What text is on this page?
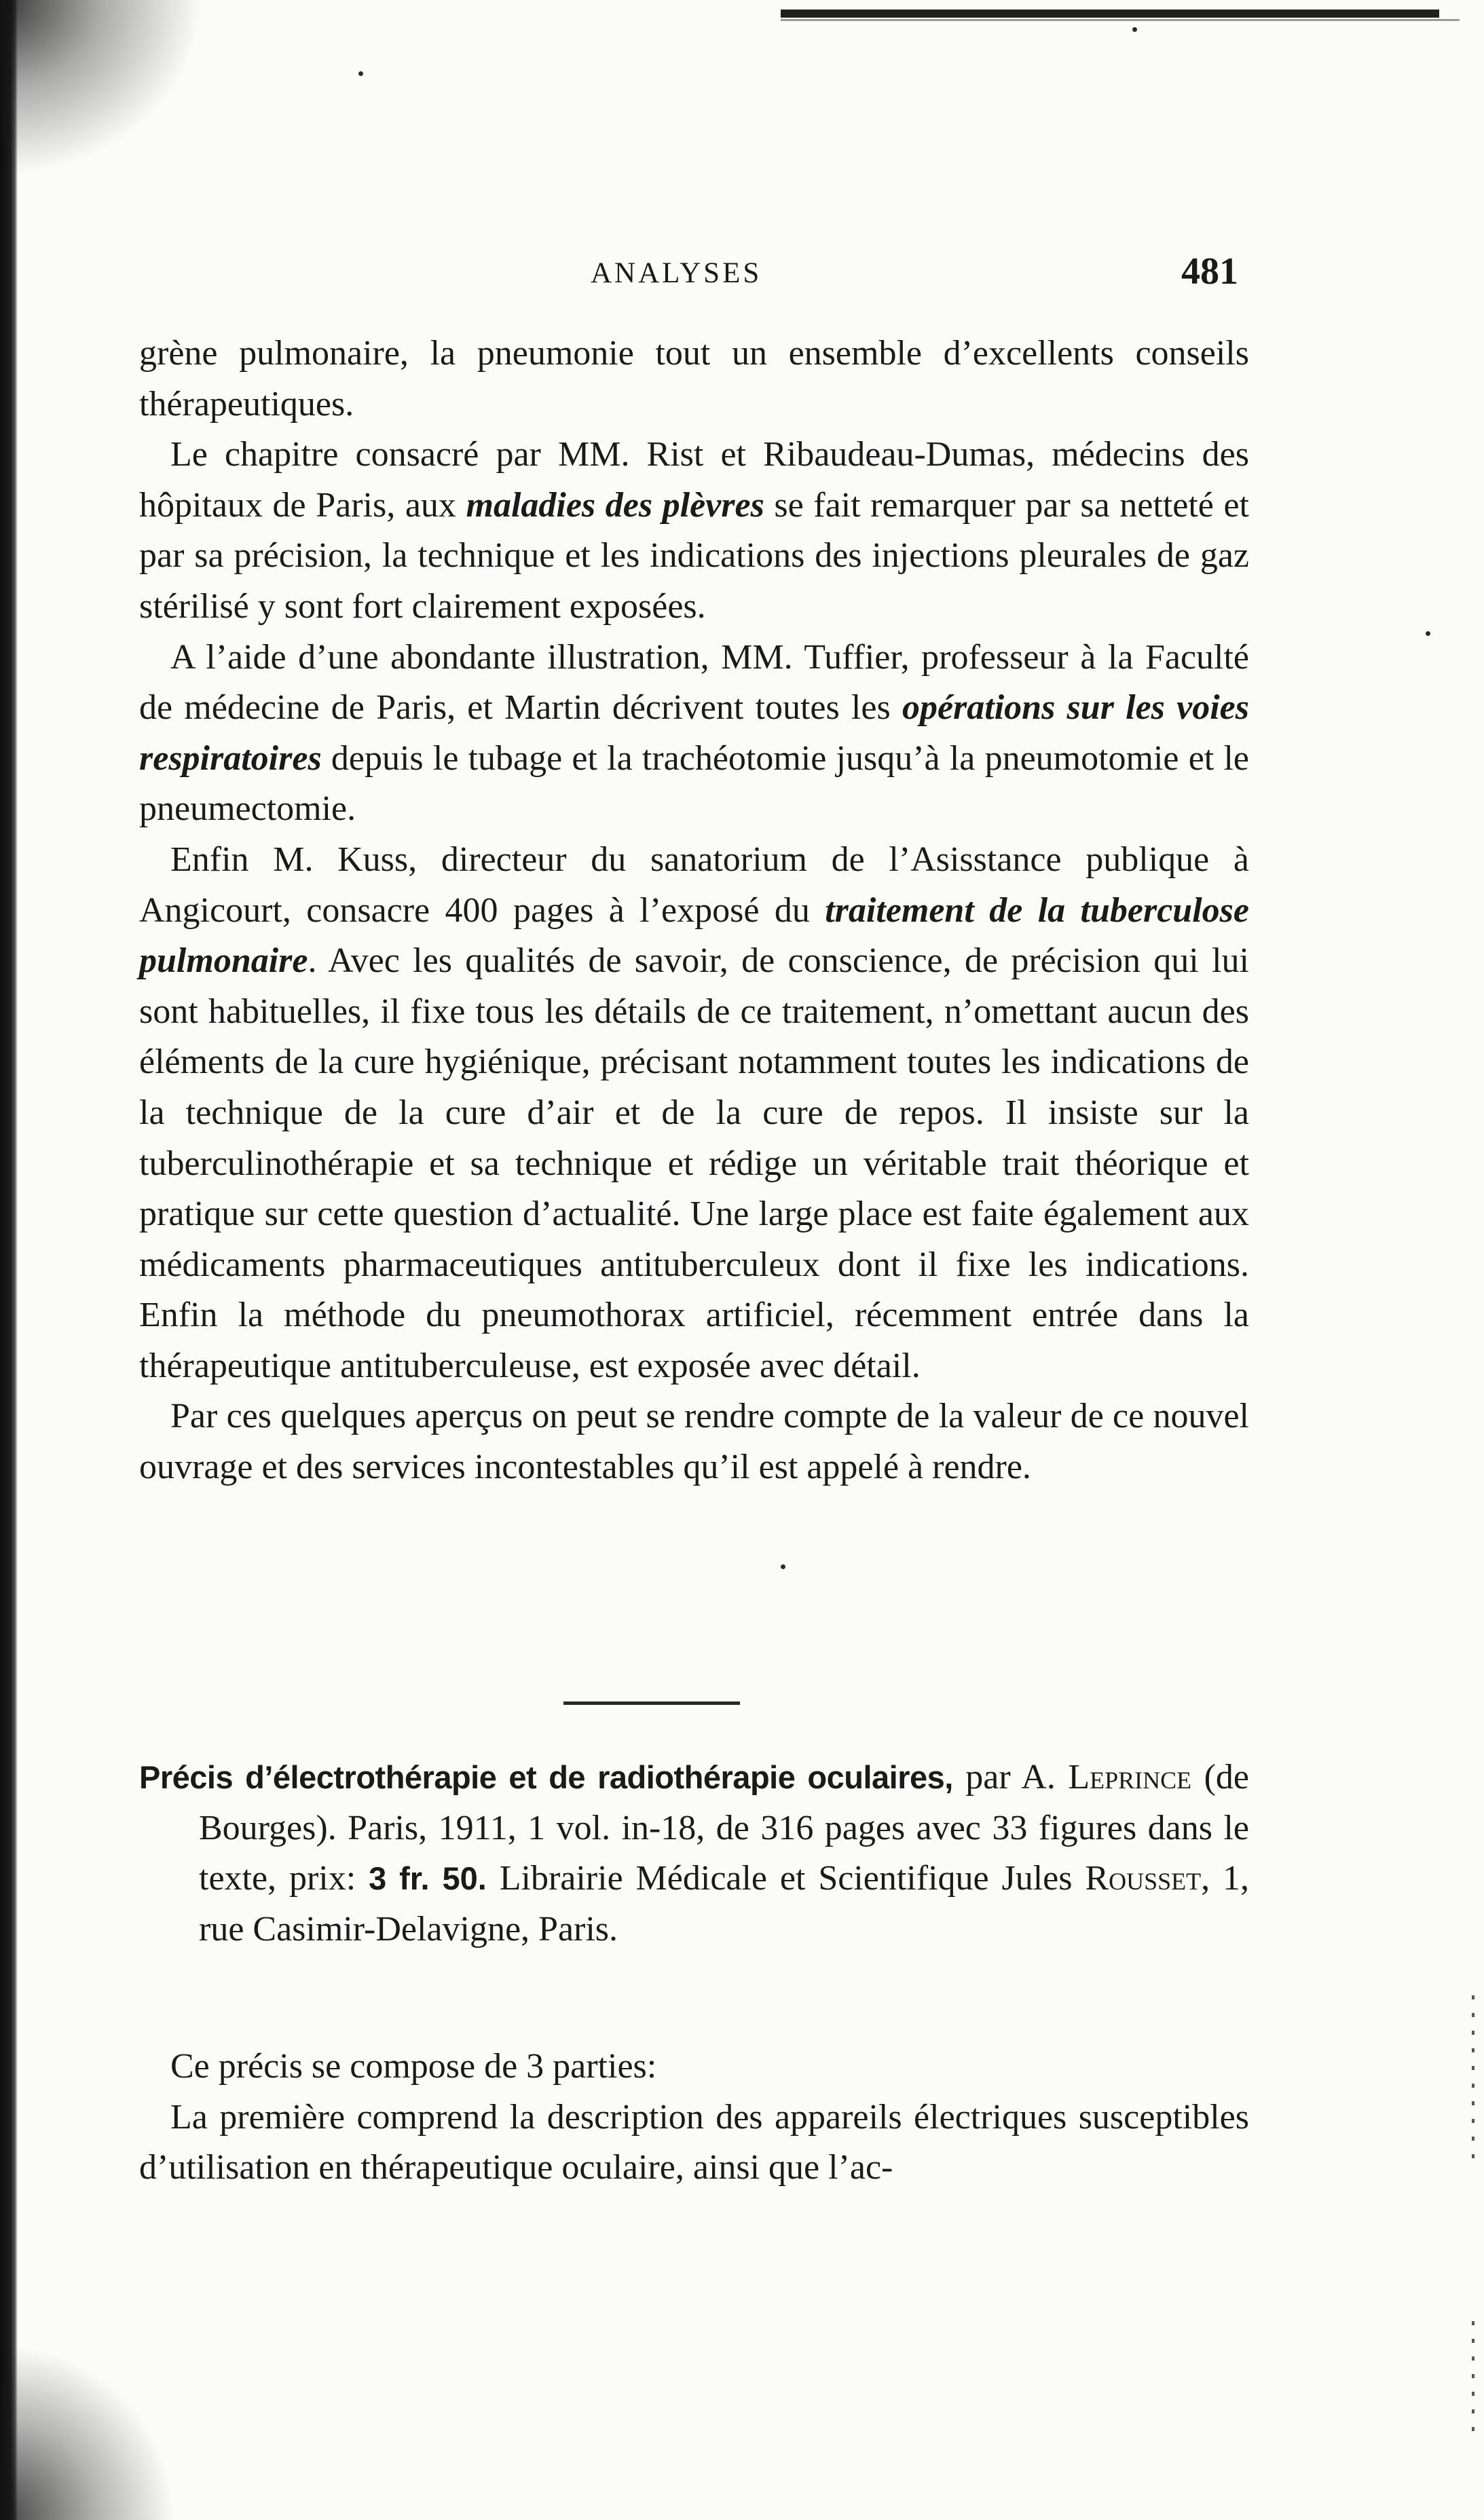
ANALYSES	481

grène pulmonaire, la pneumonie tout un ensemble d’excellents conseils thérapeutiques.

Le chapitre consacré par MM. Rist et Ribaudeau-Dumas, médecins des hôpitaux de Paris, aux maladies des plèvres se fait remarquer par sa netteté et par sa précision, la technique et les indications des injections pleurales de gaz stérilisé y sont fort clairement exposées.

A l’aide d’une abondante illustration, MM. Tuffier, professeur à la Faculté de médecine de Paris, et Martin décrivent toutes les opérations sur les voies respiratoires depuis le tubage et la trachéotomie jusqu’à la pneumotomie et le pneumectomie.

Enfin M. Kuss, directeur du sanatorium de l’Asisstance publique à Angicourt, consacre 400 pages à l’exposé du traitement de la tuberculose pulmonaire. Avec les qualités de savoir, de conscience, de précision qui lui sont habituelles, il fixe tous les détails de ce traitement, n’omettant aucun des éléments de la cure hygiénique, précisant notamment toutes les indications de la technique de la cure d’air et de la cure de repos. Il insiste sur la tuberculinothérapie et sa technique et rédige un véritable trait théorique et pratique sur cette question d’actualité. Une large place est faite également aux médicaments pharmaceutiques antituberculeux dont il fixe les indications. Enfin la méthode du pneumothorax artificiel, récemment entrée dans la thérapeutique antituberculeuse, est exposée avec détail.

Par ces quelques aperçus on peut se rendre compte de la valeur de ce nouvel ouvrage et des services incontestables qu’il est appelé à rendre.

Précis d’électrothérapie et de radiothérapie oculaires, par A. Leprince (de Bourges). Paris, 1911, 1 vol. in-18, de 316 pages avec 33 figures dans le texte, prix: 3 fr. 50. Librairie Médicale et Scientifique Jules Rousset, 1, rue Casimir-Delavigne, Paris.

Ce précis se compose de 3 parties:

La première comprend la description des appareils électriques susceptibles d’utilisation en thérapeutique oculaire, ainsi que l’ac-
